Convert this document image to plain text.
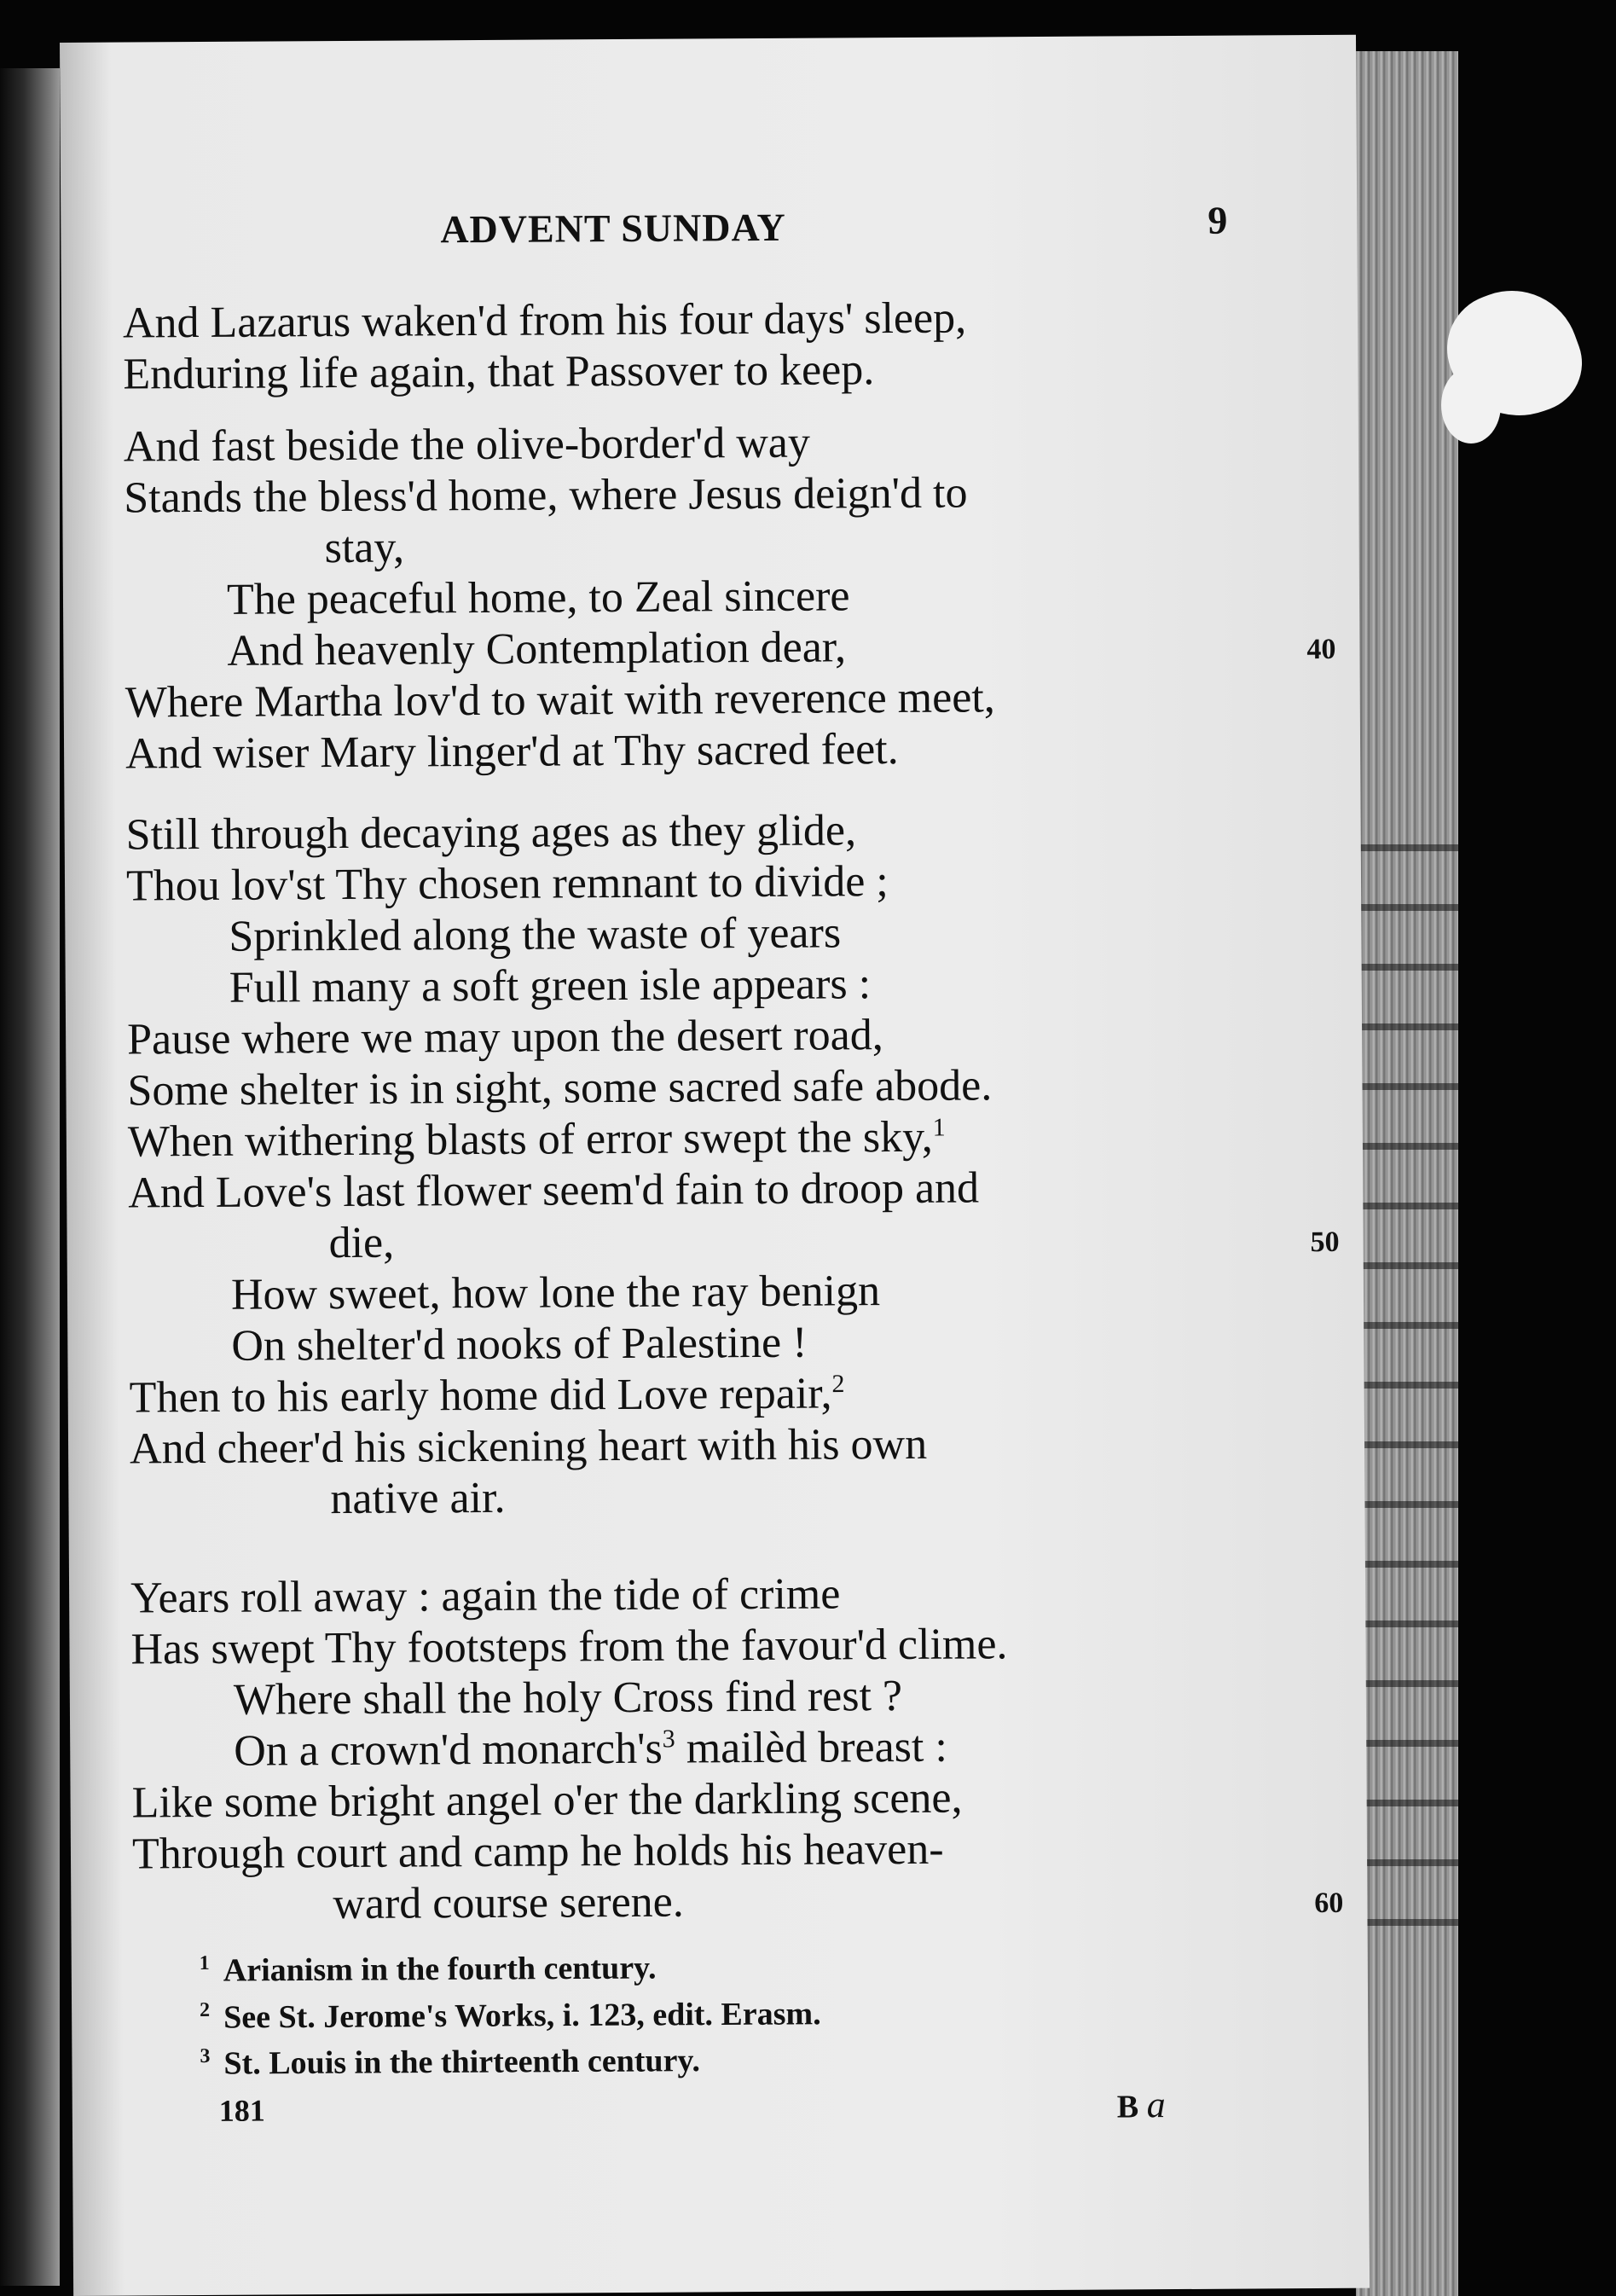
ADVENT SUNDAY	9
And Lazarus waken'd from his four days' sleep,
Enduring life again, that Passover to keep.
And fast beside the olive-border'd way
Stands the bless'd home, where Jesus deign'd to
stay,
The peaceful home, to Zeal sincere
And heavenly Contemplation dear,	40
Where Martha lov'd to wait with reverence meet,
And wiser Mary linger'd at Thy sacred feet.
Still through decaying ages as they glide,
Thou lov'st Thy chosen remnant to divide ;
Sprinkled along the waste of years
Full many a soft green isle appears :
Pause where we may upon the desert road,
Some shelter is in sight, some sacred safe abode.
When withering blasts of error swept the sky,$^1$
And Love's last flower seem'd fain to droop and
die,	50
How sweet, how lone the ray benign
On shelter'd nooks of Palestine !
Then to his early home did Love repair,$^2$
And cheer'd his sickening heart with his own
native air.
Years roll away : again the tide of crime
Has swept Thy footsteps from the favour'd clime.
Where shall the holy Cross find rest ?
On a crown'd $monarch's^3$ mailèd breast :
Like some bright angel o'er the darkling scene,
Through court and camp he holds his heaven-
ward course serene.	60
$^1$ Arianism in the fourth century.
$^2$ See St. Jerome's Works, i. 123, edit. Erasm.
$^3$ St. Louis in the thirteenth century.
181	B a
